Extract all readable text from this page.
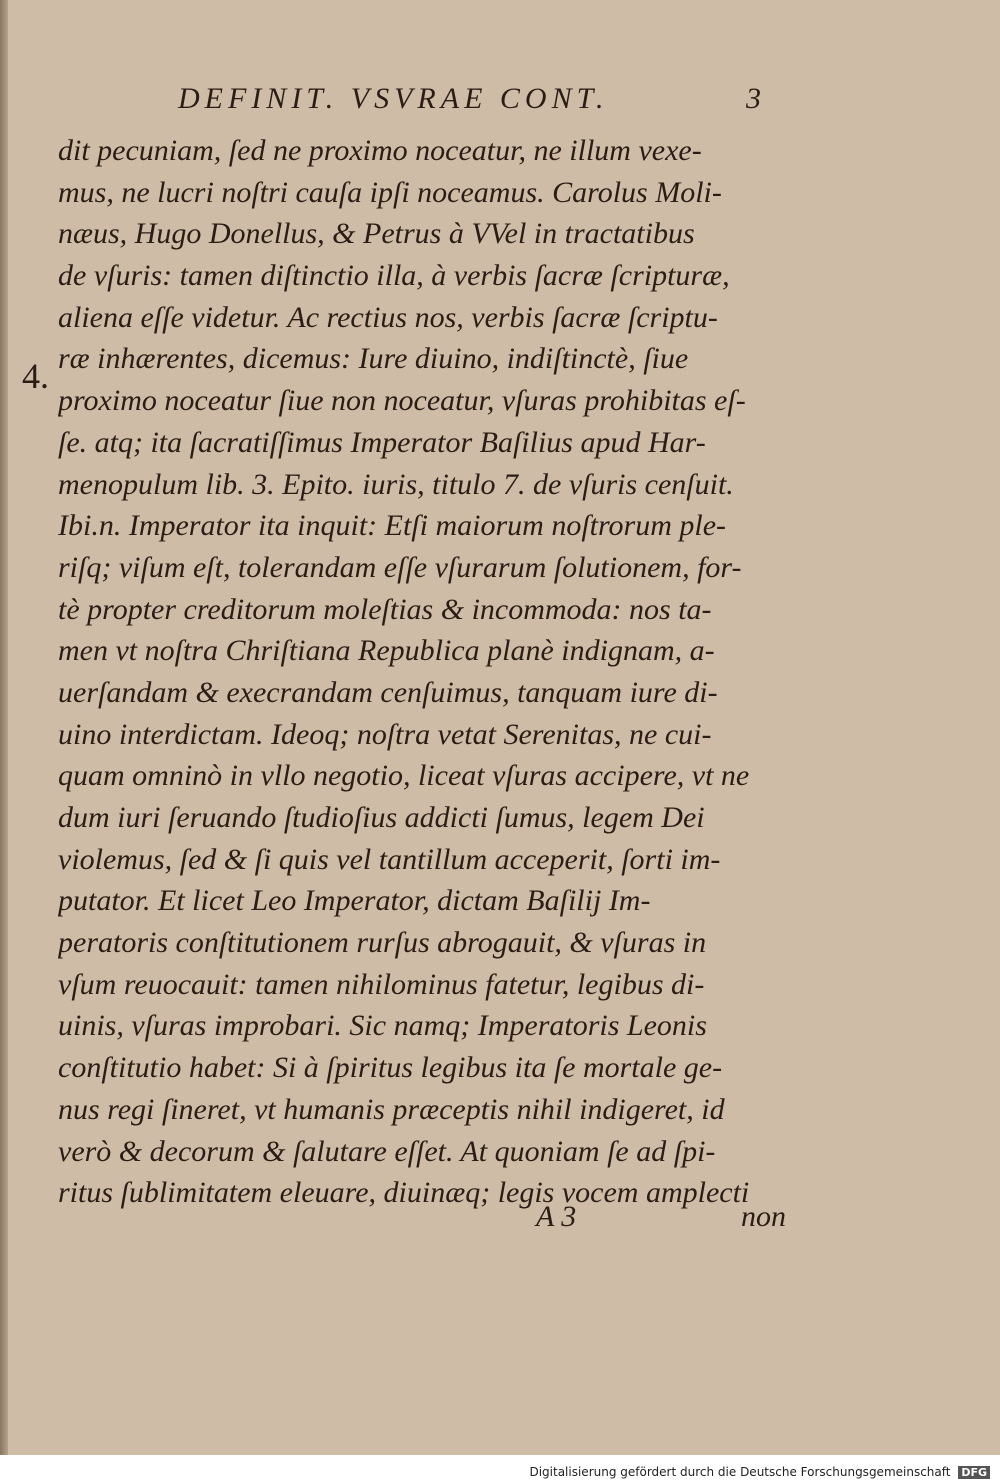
DEFINIT. VSVRAE CONT.	3
4.
dit pecuniam, ſed ne proximo noceatur, ne illum vexe-
mus, ne lucri noſtri cauſa ipſi noceamus. Carolus Moli-
næus, Hugo Donellus, & Petrus à VVel in tractatibus
de vſuris: tamen diſtinctio illa, à verbis ſacræ ſcripturæ,
aliena eſſe videtur. Ac rectius nos, verbis ſacræ ſcriptu-
ræ inhærentes, dicemus: Iure diuino, indiſtinctè, ſiue
proximo noceatur ſiue non noceatur, vſuras prohibitas eſ-
ſe. atq; ita ſacratiſſimus Imperator Baſilius apud Har-
menopulum lib. 3. Epito. iuris, titulo 7. de vſuris cenſuit.
Ibi.n. Imperator ita inquit: Etſi maiorum noſtrorum ple-
riſq; viſum eſt, tolerandam eſſe vſurarum ſolutionem, for-
tè propter creditorum moleſtias & incommoda: nos ta-
men vt noſtra Chriſtiana Republica planè indignam, a-
uerſandam & execrandam cenſuimus, tanquam iure di-
uino interdictam. Ideoq; noſtra vetat Serenitas, ne cui-
quam omninò in vllo negotio, liceat vſuras accipere, vt ne
dum iuri ſeruando ſtudioſius addicti ſumus, legem Dei
violemus, ſed & ſi quis vel tantillum acceperit, ſorti im-
putator. Et licet Leo Imperator, dictam Baſilij Im-
peratoris conſtitutionem rurſus abrogauit, & vſuras in
vſum reuocauit: tamen nihilominus fatetur, legibus di-
uinis, vſuras improbari. Sic namq; Imperatoris Leonis
conſtitutio habet: Si à ſpiritus legibus ita ſe mortale ge-
nus regi ſineret, vt humanis præceptis nihil indigeret, id
verò & decorum & ſalutare eſſet. At quoniam ſe ad ſpi-
ritus ſublimitatem eleuare, diuinæq; legis vocem amplecti
A 3	non
Digitalisierung gefördert durch die Deutsche Forschungsgemeinschaft DFG
